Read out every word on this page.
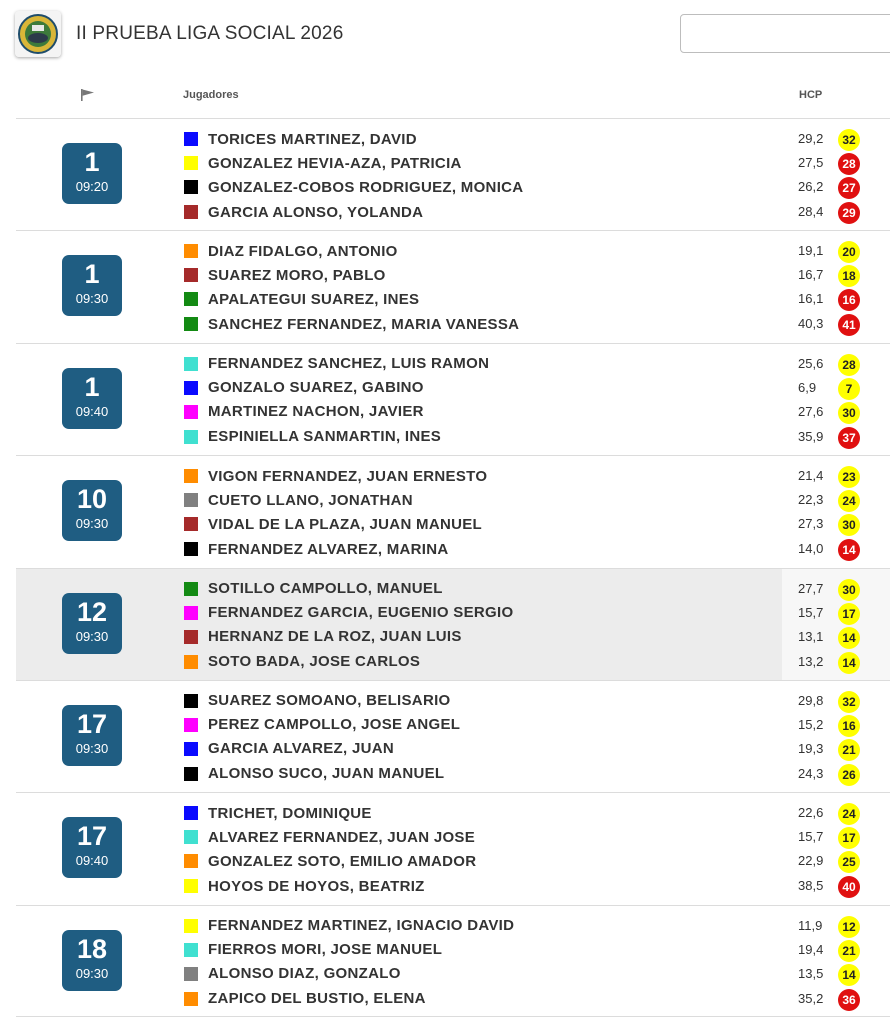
II PRUEBA LIGA SOCIAL 2026
Jugadores	HCP
1
09:20
TORICES MARTINEZ, DAVID	29,2	32
GONZALEZ HEVIA-AZA, PATRICIA	27,5	28
GONZALEZ-COBOS RODRIGUEZ, MONICA	26,2	27
GARCIA ALONSO, YOLANDA	28,4	29
1
09:30
DIAZ FIDALGO, ANTONIO	19,1	20
SUAREZ MORO, PABLO	16,7	18
APALATEGUI SUAREZ, INES	16,1	16
SANCHEZ FERNANDEZ, MARIA VANESSA	40,3	41
1
09:40
FERNANDEZ SANCHEZ, LUIS RAMON	25,6	28
GONZALO SUAREZ, GABINO	6,9	7
MARTINEZ NACHON, JAVIER	27,6	30
ESPINIELLA SANMARTIN, INES	35,9	37
10
09:30
VIGON FERNANDEZ, JUAN ERNESTO	21,4	23
CUETO LLANO, JONATHAN	22,3	24
VIDAL DE LA PLAZA, JUAN MANUEL	27,3	30
FERNANDEZ ALVAREZ, MARINA	14,0	14
12
09:30
SOTILLO CAMPOLLO, MANUEL	27,7	30
FERNANDEZ GARCIA, EUGENIO SERGIO	15,7	17
HERNANZ DE LA ROZ, JUAN LUIS	13,1	14
SOTO BADA, JOSE CARLOS	13,2	14
17
09:30
SUAREZ SOMOANO, BELISARIO	29,8	32
PEREZ CAMPOLLO, JOSE ANGEL	15,2	16
GARCIA ALVAREZ, JUAN	19,3	21
ALONSO SUCO, JUAN MANUEL	24,3	26
17
09:40
TRICHET, DOMINIQUE	22,6	24
ALVAREZ FERNANDEZ, JUAN JOSE	15,7	17
GONZALEZ SOTO, EMILIO AMADOR	22,9	25
HOYOS DE HOYOS, BEATRIZ	38,5	40
18
09:30
FERNANDEZ MARTINEZ, IGNACIO DAVID	11,9	12
FIERROS MORI, JOSE MANUEL	19,4	21
ALONSO DIAZ, GONZALO	13,5	14
ZAPICO DEL BUSTIO, ELENA	35,2	36
